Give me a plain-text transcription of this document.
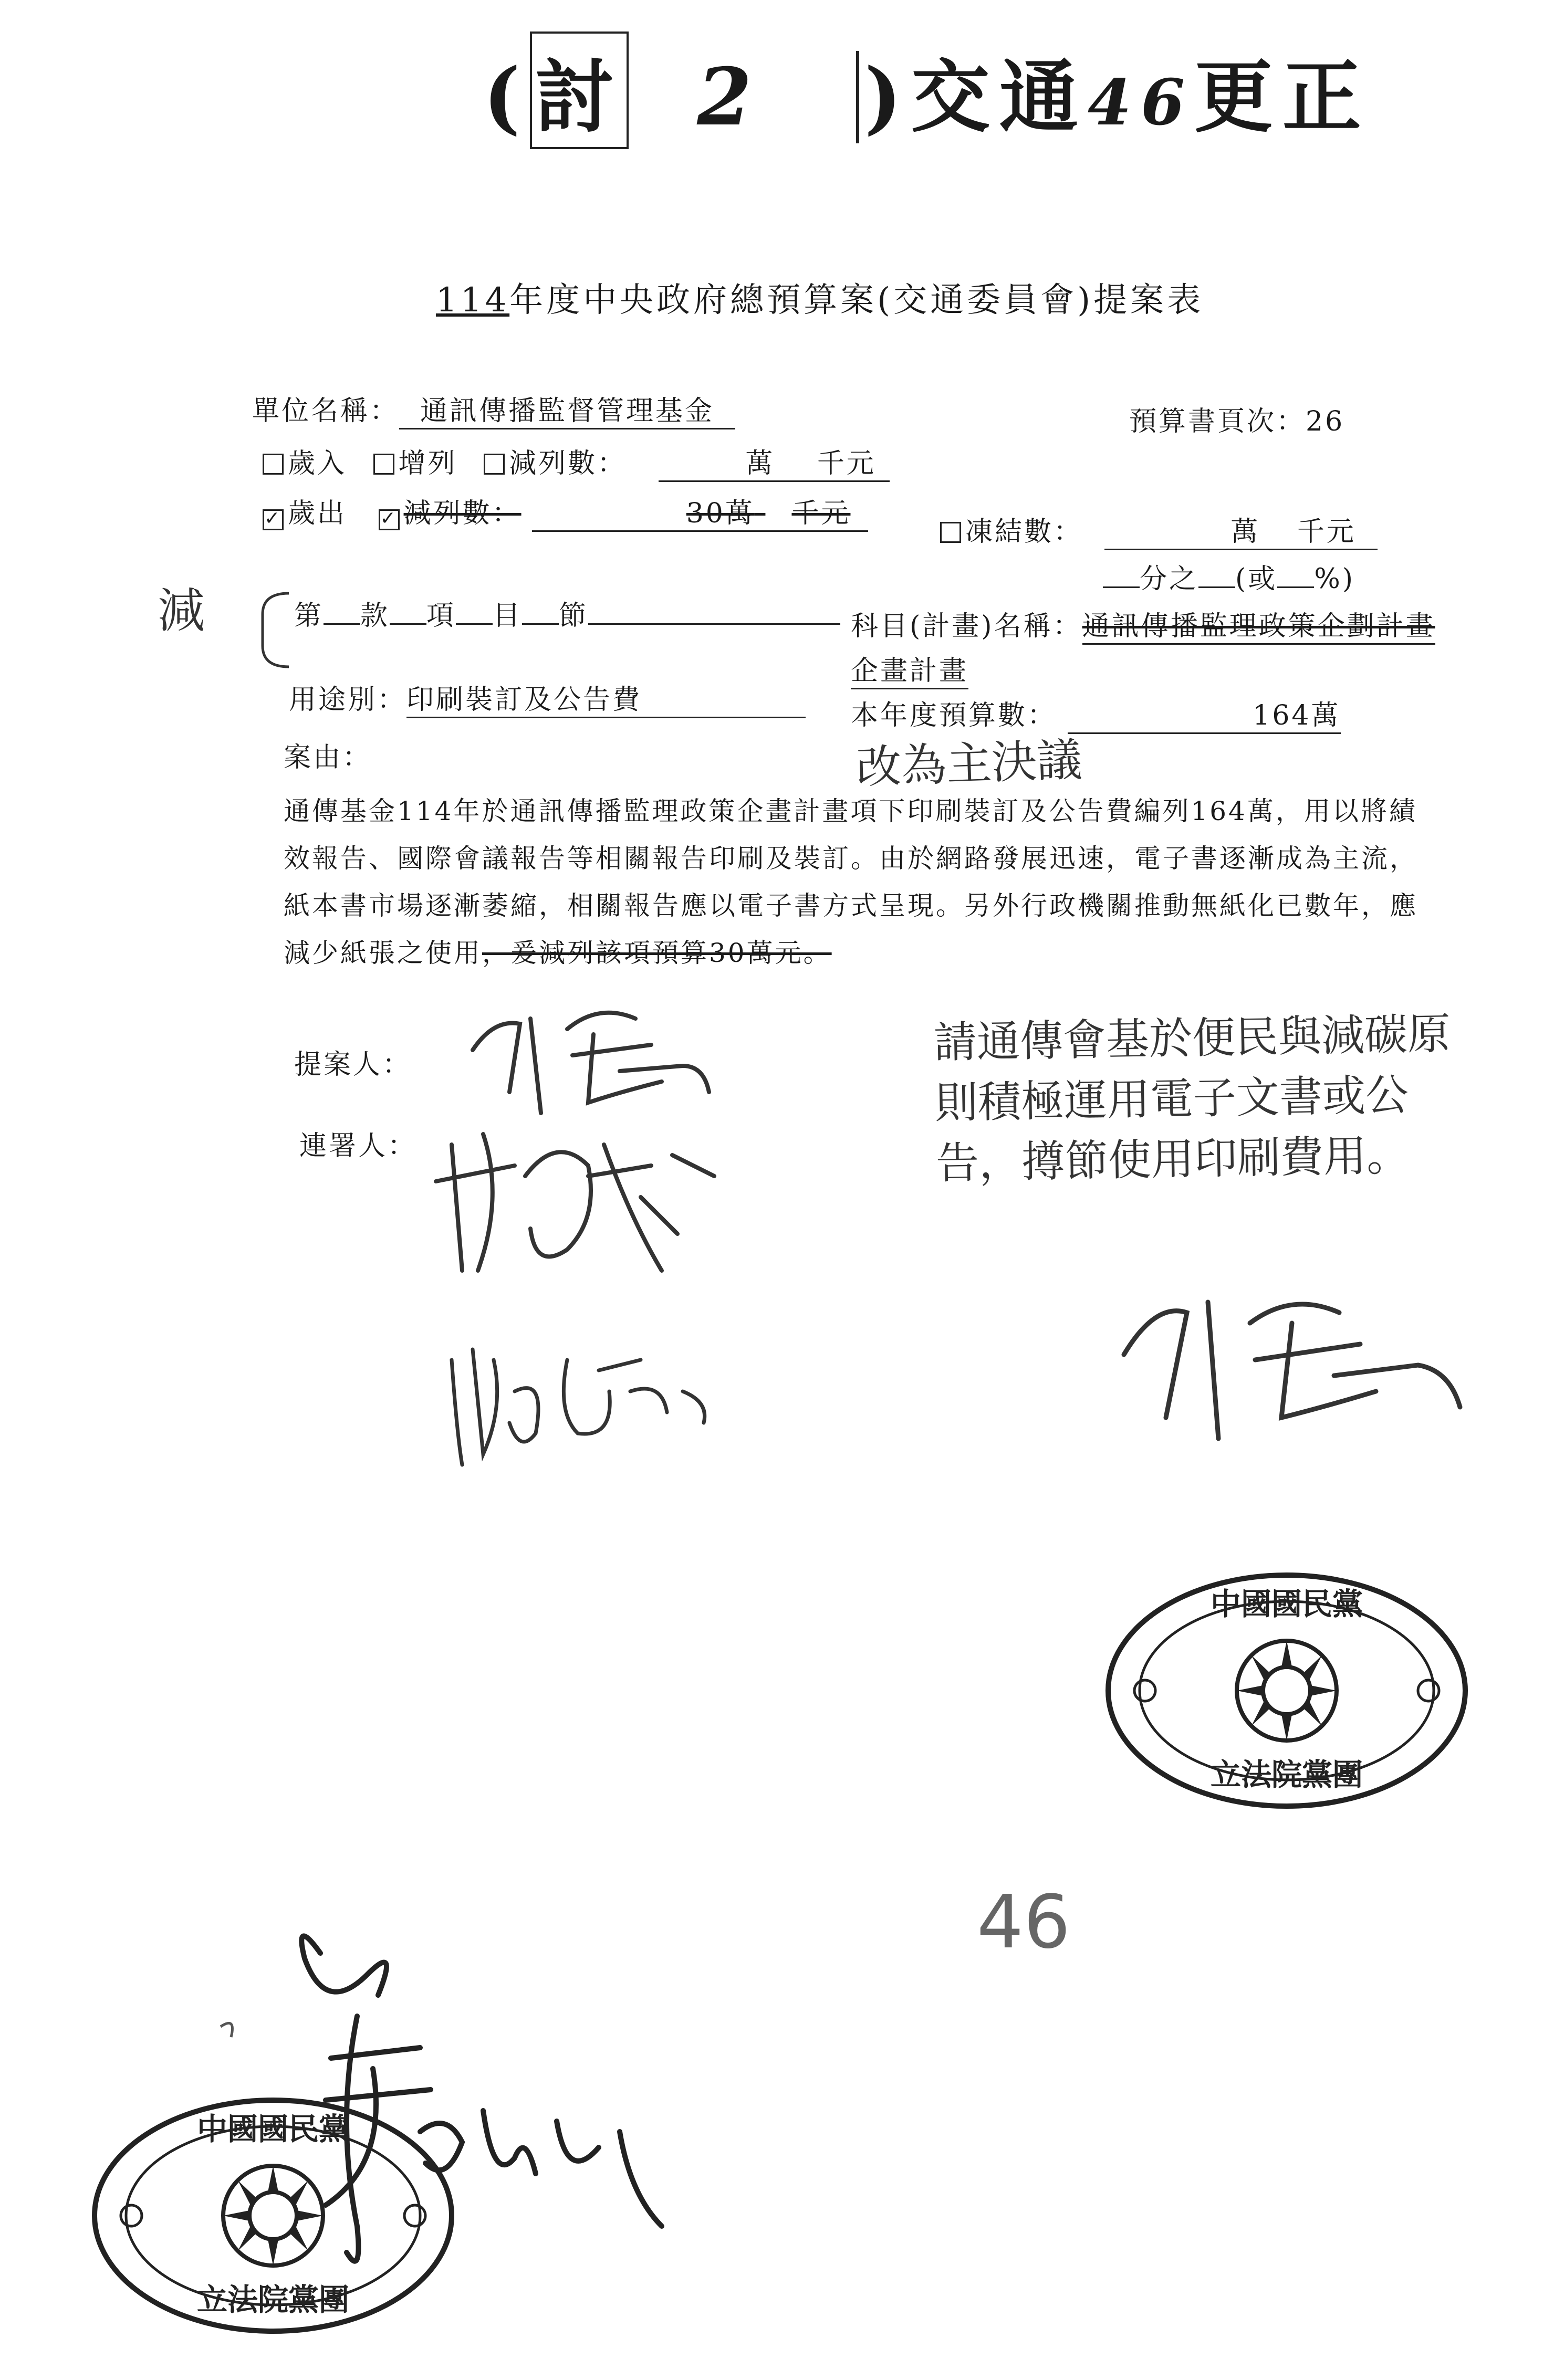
(討 2 )交通46更正
114年度中央政府總預算案(交通委員會)提案表
單位名稱： 通訊傳播監督管理基金	預算書頁次：26
歲入 增列 減列數：	萬 千元
✓歲出 ✓ 減列數：	30萬 千元
凍結數：	萬 千元
分之 (或 %)
第 款 項 目 節	科目(計畫)名稱：通訊傳播監理政策企劃計畫
企畫計畫
減
用途別：印刷裝訂及公告費	本年度預算數：	164萬
案由：	改為主決議
通傳基金114年於通訊傳播監理政策企畫計畫項下印刷裝訂及公告費編列164萬，用以將績效報告、國際會議報告等相關報告印刷及裝訂。由於網路發展迅速，電子書逐漸成為主流，紙本書市場逐漸萎縮，相關報告應以電子書方式呈現。另外行政機關推動無紙化已數年，應減少紙張之使用，爰減列該項預算30萬元。
提案人：
連署人：
請通傳會基於便民與減碳原則積極運用電子文書或公告，撙節使用印刷費用。
46
中國國民黨
立法院黨團
中國國民黨
立法院黨團
